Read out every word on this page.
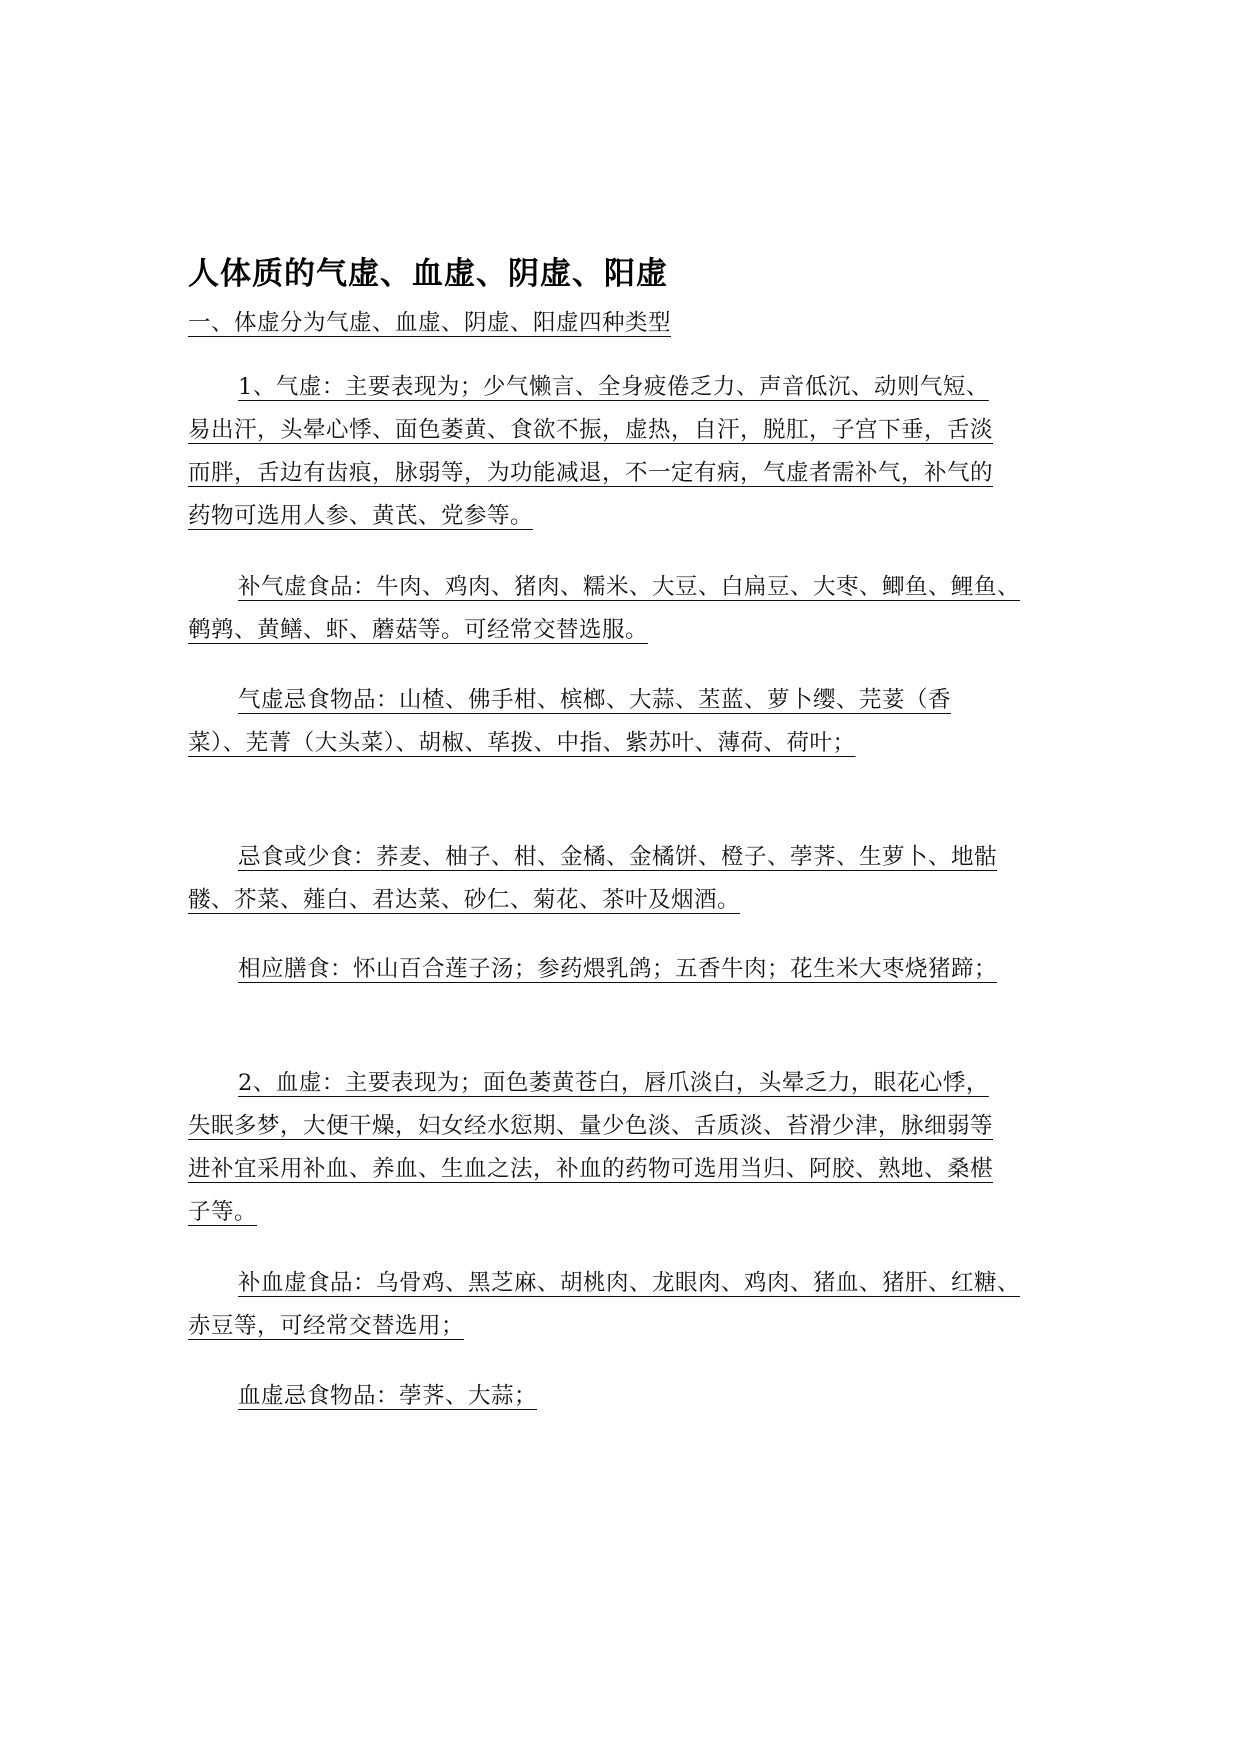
人体质的气虚、血虚、阴虚、阳虚

一、体虚分为气虚、血虚、阴虚、阳虚四种类型

1、气虚：主要表现为；少气懒言、全身疲倦乏力、声音低沉、动则气短、
易出汗，头晕心悸、面色萎黄、食欲不振，虚热，自汗，脱肛，子宫下垂，舌淡
而胖，舌边有齿痕，脉弱等，为功能减退，不一定有病，气虚者需补气，补气的
药物可选用人参、黄芪、党参等。

补气虚食品：牛肉、鸡肉、猪肉、糯米、大豆、白扁豆、大枣、鲫鱼、鲤鱼、
鹌鹑、黄鳝、虾、蘑菇等。可经常交替选服。

气虚忌食物品：山楂、佛手柑、槟榔、大蒜、苤蓝、萝卜缨、芫荽（香
菜）、芜菁（大头菜）、胡椒、荜拨、中指、紫苏叶、薄荷、荷叶；

忌食或少食：荞麦、柚子、柑、金橘、金橘饼、橙子、荸荠、生萝卜、地骷
髅、芥菜、薤白、君达菜、砂仁、菊花、茶叶及烟酒。

相应膳食：怀山百合莲子汤；参药煨乳鸽；五香牛肉；花生米大枣烧猪蹄；

2、血虚：主要表现为；面色萎黄苍白，唇爪淡白，头晕乏力，眼花心悸，
失眠多梦，大便干燥，妇女经水愆期、量少色淡、舌质淡、苔滑少津，脉细弱等
进补宜采用补血、养血、生血之法，补血的药物可选用当归、阿胶、熟地、桑椹
子等。

补血虚食品：乌骨鸡、黑芝麻、胡桃肉、龙眼肉、鸡肉、猪血、猪肝、红糖、
赤豆等，可经常交替选用；

血虚忌食物品：荸荠、大蒜；
